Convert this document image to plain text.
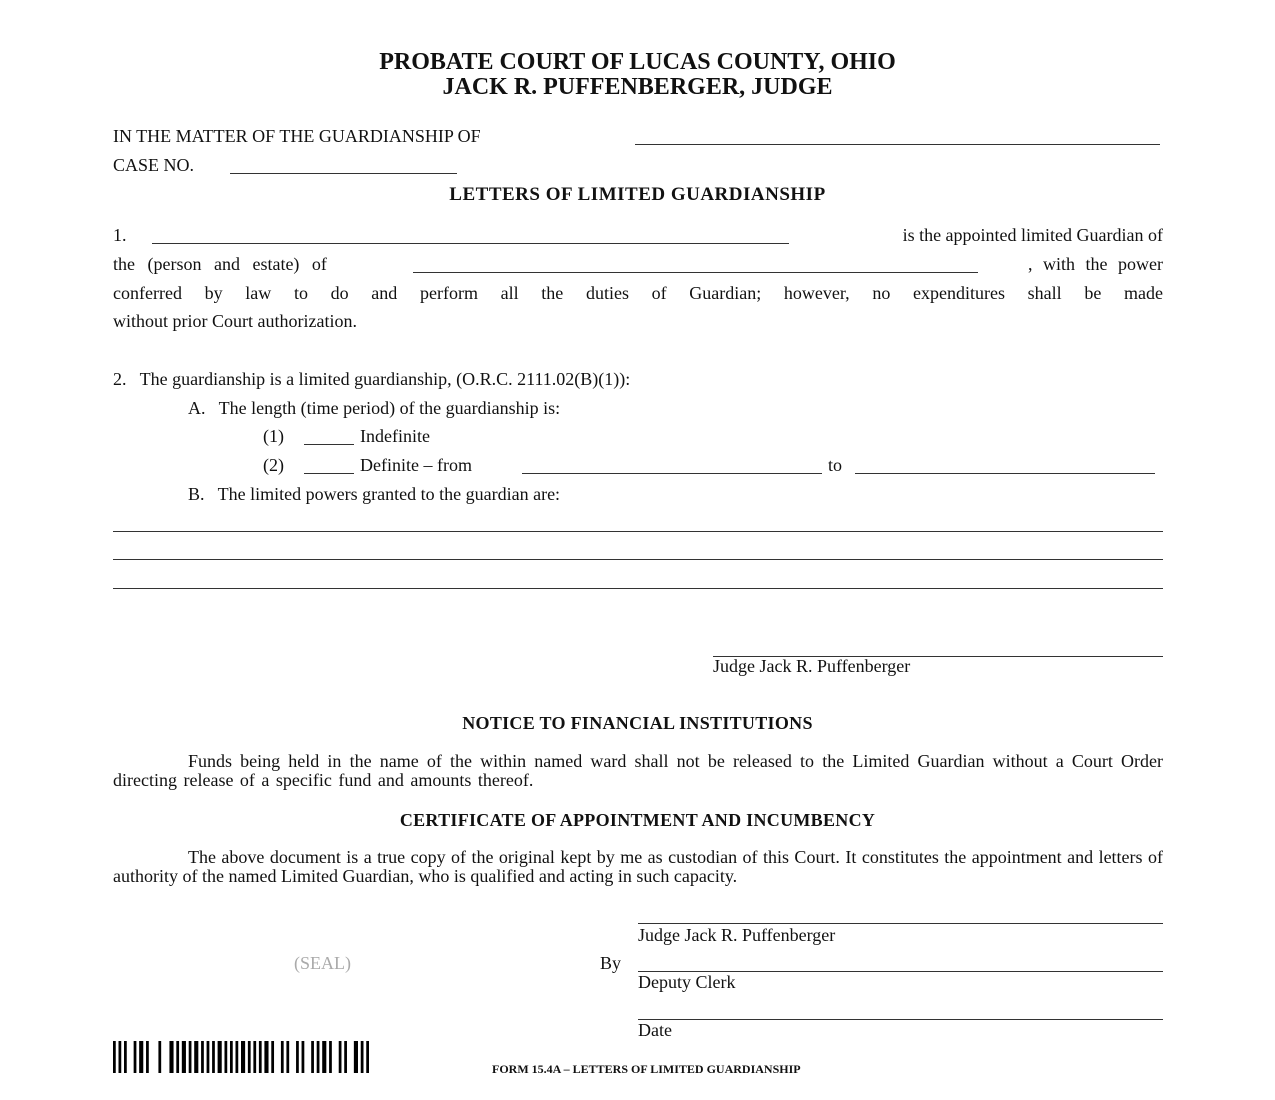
PROBATE COURT OF LUCAS COUNTY, OHIO
JACK R. PUFFENBERGER, JUDGE
IN THE MATTER OF THE GUARDIANSHIP OF
CASE NO.
LETTERS OF LIMITED GUARDIANSHIP
1.	is the appointed limited Guardian of
the (person and estate) of	, with the power
conferred by law to do and perform all the duties of Guardian; however, no expenditures shall be made
without prior Court authorization.
2.   The guardianship is a limited guardianship, (O.R.C. 2111.02(B)(1)):
A.   The length (time period) of the guardianship is:
(1)	Indefinite
(2)	Definite – from	to
B.   The limited powers granted to the guardian are:
Judge Jack R. Puffenberger
NOTICE TO FINANCIAL INSTITUTIONS
Funds being held in the name of the within named ward shall not be released to the Limited Guardian without a Court Order directing release of a specific fund and amounts thereof.
CERTIFICATE OF APPOINTMENT AND INCUMBENCY
The above document is a true copy of the original kept by me as custodian of this Court. It constitutes the appointment and letters of authority of the named Limited Guardian, who is qualified and acting in such capacity.
Judge Jack R. Puffenberger
(SEAL)	By
Deputy Clerk
Date
FORM 15.4A – LETTERS OF LIMITED GUARDIANSHIP
